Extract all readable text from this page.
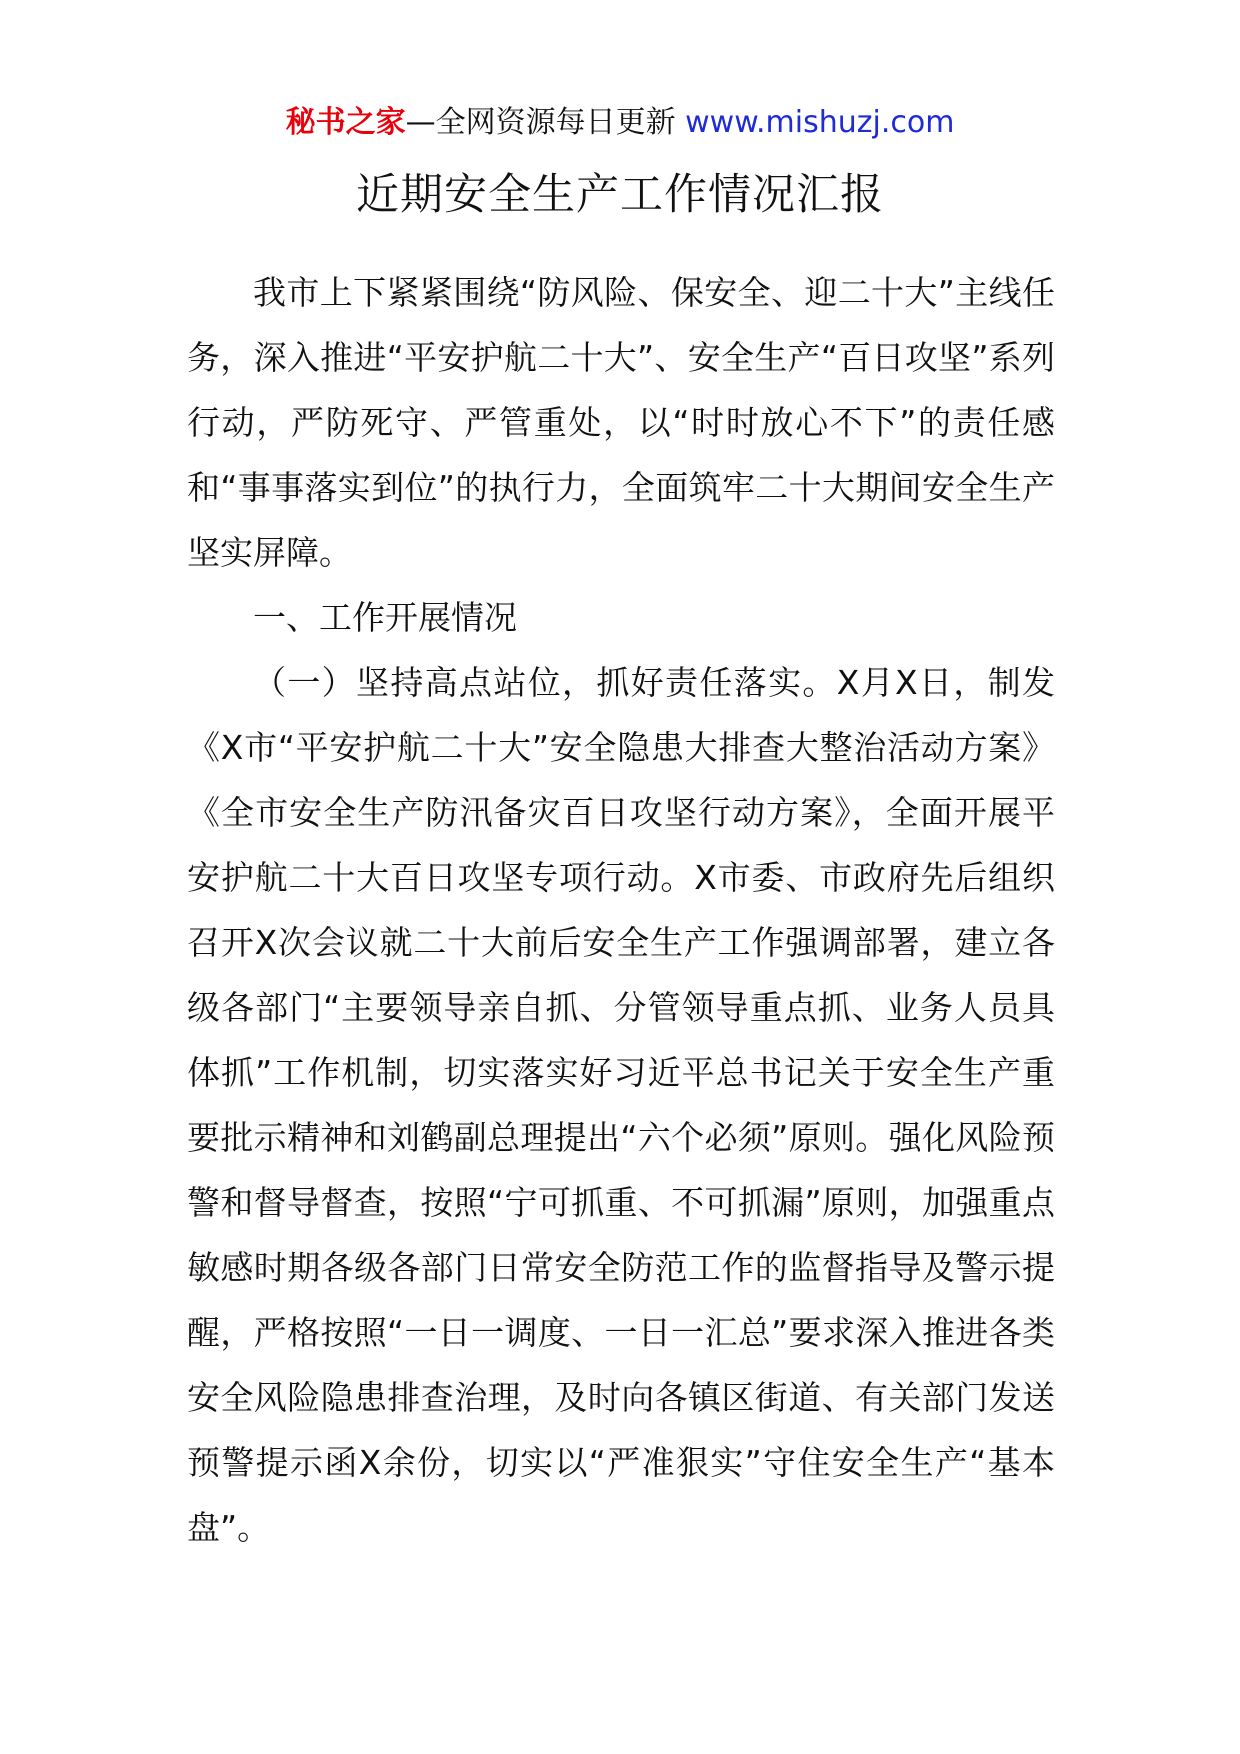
秘书之家—全网资源每日更新 www.mishuzj.com
近期安全生产工作情况汇报

我市上下紧紧围绕“防风险、保安全、迎二十大”主线任务，深入推进“平安护航二十大”、安全生产“百日攻坚”系列行动，严防死守、严管重处，以“时时放心不下”的责任感和“事事落实到位”的执行力，全面筑牢二十大期间安全生产坚实屏障。

一、工作开展情况

（一）坚持高点站位，抓好责任落实。X月X日，制发《X市“平安护航二十大”安全隐患大排查大整治活动方案》《全市安全生产防汛备灾百日攻坚行动方案》，全面开展平安护航二十大百日攻坚专项行动。X市委、市政府先后组织召开X次会议就二十大前后安全生产工作强调部署，建立各级各部门“主要领导亲自抓、分管领导重点抓、业务人员具体抓”工作机制，切实落实好习近平总书记关于安全生产重要批示精神和刘鹤副总理提出“六个必须”原则。强化风险预警和督导督查，按照“宁可抓重、不可抓漏”原则，加强重点敏感时期各级各部门日常安全防范工作的监督指导及警示提醒，严格按照“一日一调度、一日一汇总”要求深入推进各类安全风险隐患排查治理，及时向各镇区街道、有关部门发送预警提示函X余份，切实以“严准狠实”守住安全生产“基本盘”。
